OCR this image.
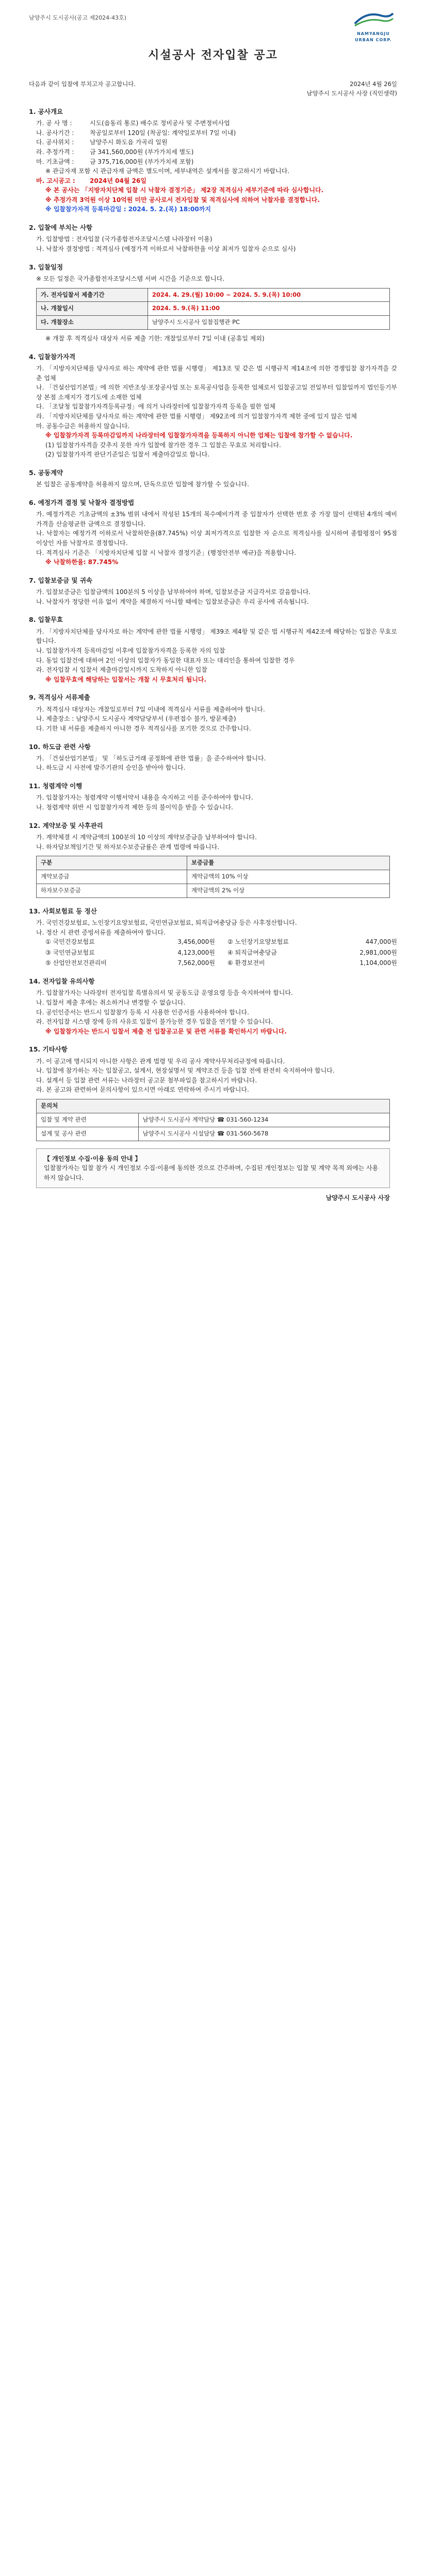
남양주시 도시공사(공고 제2024-43호)
NAMYANGJU URBAN CORP.
시설공사 전자입찰 공고
다음과 같이 입찰에 부치고자 공고합니다.	2024년 4월 26일
남양주시 도시공사 사장 (직인생략)
1. 공사개요
가. 공 사 명 :	시도(읍동리 통로) 배수로 정비공사 및 주변정비사업
나. 공사기간 :	착공일로부터 120일 (착공일: 계약일로부터 7일 이내)
다. 공사위치 :	남양주시 화도읍 가곡리 일원
라. 추정가격 :	금 341,560,000원 (부가가치세 별도)
마. 기초금액 :	금 375,716,000원 (부가가치세 포함)
※ 관급자재 포함 시 관급자재 금액은 별도이며, 세부내역은 설계서를 참고하시기 바랍니다.
바. 고시공고 :	2024년 04월 26일
※ 본 공사는 「지방자치단체 입찰 시 낙찰자 결정기준」 제2장 적격심사 세부기준에 따라 심사합니다.
※ 추정가격 3억원 이상 10억원 미만 공사로서 전자입찰 및 적격심사에 의하여 낙찰자를 결정합니다.
※ 입찰참가자격 등록마감일 : 2024. 5. 2.(목) 18:00까지
2. 입찰에 부치는 사항
가. 입찰방법 : 전자입찰 (국가종합전자조달시스템 나라장터 이용)
나. 낙찰자 결정방법 : 적격심사 (예정가격 이하로서 낙찰하한율 이상 최저가 입찰자 순으로 심사)
3. 입찰일정
※ 모든 일정은 국가종합전자조달시스템 서버 시간을 기준으로 합니다.
가. 전자입찰서 제출기간	2024. 4. 29.(월) 10:00 ~ 2024. 5. 9.(목) 10:00
나. 개찰일시	2024. 5. 9.(목) 11:00
다. 개찰장소	남양주시 도시공사 입찰집행관 PC
※ 개찰 후 적격심사 대상자 서류 제출 기한: 개찰일로부터 7일 이내 (공휴일 제외)
4. 입찰참가자격
가. 「지방자치단체를 당사자로 하는 계약에 관한 법률 시행령」 제13조 및 같은 법 시행규칙 제14조에 의한 경쟁입찰 참가자격을 갖춘 업체
나. 「건설산업기본법」에 의한 지반조성·포장공사업 또는 토목공사업을 등록한 업체로서 입찰공고일 전일부터 입찰일까지 법인등기부상 본점 소재지가 경기도에 소재한 업체
다. 「조달청 입찰참가자격등록규정」에 의거 나라장터에 입찰참가자격 등록을 필한 업체
라. 「지방자치단체를 당사자로 하는 계약에 관한 법률 시행령」 제92조에 의거 입찰참가자격 제한 중에 있지 않은 업체
마. 공동수급은 허용하지 않습니다.
※ 입찰참가자격 등록마감일까지 나라장터에 입찰참가자격을 등록하지 아니한 업체는 입찰에 참가할 수 없습니다.
(1) 입찰참가자격을 갖추지 못한 자가 입찰에 참가한 경우 그 입찰은 무효로 처리합니다.
(2) 입찰참가자격 판단기준일은 입찰서 제출마감일로 합니다.
5. 공동계약
본 입찰은 공동계약을 허용하지 않으며, 단독으로만 입찰에 참가할 수 있습니다.
6. 예정가격 결정 및 낙찰자 결정방법
가. 예정가격은 기초금액의 ±3% 범위 내에서 작성된 15개의 복수예비가격 중 입찰자가 선택한 번호 중 가장 많이 선택된 4개의 예비가격을 산술평균한 금액으로 결정합니다.
나. 낙찰자는 예정가격 이하로서 낙찰하한율(87.745%) 이상 최저가격으로 입찰한 자 순으로 적격심사를 실시하여 종합평점이 95점 이상인 자를 낙찰자로 결정합니다.
다. 적격심사 기준은 「지방자치단체 입찰 시 낙찰자 결정기준」(행정안전부 예규)을 적용합니다.
※ 낙찰하한율: 87.745%
7. 입찰보증금 및 귀속
가. 입찰보증금은 입찰금액의 100분의 5 이상을 납부하여야 하며, 입찰보증금 지급각서로 갈음합니다.
나. 낙찰자가 정당한 이유 없이 계약을 체결하지 아니할 때에는 입찰보증금은 우리 공사에 귀속됩니다.
8. 입찰무효
가. 「지방자치단체를 당사자로 하는 계약에 관한 법률 시행령」 제39조 제4항 및 같은 법 시행규칙 제42조에 해당하는 입찰은 무효로 합니다.
나. 입찰참가자격 등록마감일 이후에 입찰참가자격을 등록한 자의 입찰
다. 동일 입찰건에 대하여 2인 이상의 입찰자가 동일한 대표자 또는 대리인을 통하여 입찰한 경우
라. 전자입찰 시 입찰서 제출마감일시까지 도착하지 아니한 입찰
※ 입찰무효에 해당하는 입찰서는 개찰 시 무효처리 됩니다.
9. 적격심사 서류제출
가. 적격심사 대상자는 개찰일로부터 7일 이내에 적격심사 서류를 제출하여야 합니다.
나. 제출장소 : 남양주시 도시공사 계약담당부서 (우편접수 불가, 방문제출)
다. 기한 내 서류를 제출하지 아니한 경우 적격심사를 포기한 것으로 간주합니다.
10. 하도급 관련 사항
가. 「건설산업기본법」 및 「하도급거래 공정화에 관한 법률」을 준수하여야 합니다.
나. 하도급 시 사전에 발주기관의 승인을 받아야 합니다.
11. 청렴계약 이행
가. 입찰참가자는 청렴계약 이행서약서 내용을 숙지하고 이를 준수하여야 합니다.
나. 청렴계약 위반 시 입찰참가자격 제한 등의 불이익을 받을 수 있습니다.
12. 계약보증 및 사후관리
가. 계약체결 시 계약금액의 100분의 10 이상의 계약보증금을 납부하여야 합니다.
나. 하자담보책임기간 및 하자보수보증금률은 관계 법령에 따릅니다.
구분	보증금률
계약보증금	계약금액의 10% 이상
하자보수보증금	계약금액의 2% 이상
13. 사회보험료 등 정산
가. 국민건강보험료, 노인장기요양보험료, 국민연금보험료, 퇴직급여충당금 등은 사후정산합니다.
나. 정산 시 관련 증빙서류를 제출하여야 합니다.
① 국민건강보험료	3,456,000원 ② 노인장기요양보험료	447,000원
③ 국민연금보험료	4,123,000원 ④ 퇴직급여충당금	2,981,000원
⑤ 산업안전보건관리비	7,562,000원 ⑥ 환경보전비	1,104,000원
14. 전자입찰 유의사항
가. 입찰참가자는 나라장터 전자입찰 특별유의서 및 공동도급 운영요령 등을 숙지하여야 합니다.
나. 입찰서 제출 후에는 취소하거나 변경할 수 없습니다.
다. 공인인증서는 반드시 입찰참가 등록 시 사용한 인증서를 사용하여야 합니다.
라. 전자입찰 시스템 장애 등의 사유로 입찰이 불가능한 경우 입찰을 연기할 수 있습니다.
※ 입찰참가자는 반드시 입찰서 제출 전 입찰공고문 및 관련 서류를 확인하시기 바랍니다.
15. 기타사항
가. 이 공고에 명시되지 아니한 사항은 관계 법령 및 우리 공사 계약사무처리규정에 따릅니다.
나. 입찰에 참가하는 자는 입찰공고, 설계서, 현장설명서 및 계약조건 등을 입찰 전에 완전히 숙지하여야 합니다.
다. 설계서 등 입찰 관련 서류는 나라장터 공고문 첨부파일을 참고하시기 바랍니다.
라. 본 공고와 관련하여 문의사항이 있으시면 아래로 연락하여 주시기 바랍니다.
문의처	
입찰 및 계약 관련	남양주시 도시공사 계약담당 ☎ 031-560-1234
설계 및 공사 관련	남양주시 도시공사 시설담당 ☎ 031-560-5678
【 개인정보 수집·이용 동의 안내 】
입찰참가자는 입찰 참가 시 개인정보 수집·이용에 동의한 것으로 간주하며, 수집된 개인정보는 입찰 및 계약 목적 외에는 사용하지 않습니다.
남양주시 도시공사 사장
